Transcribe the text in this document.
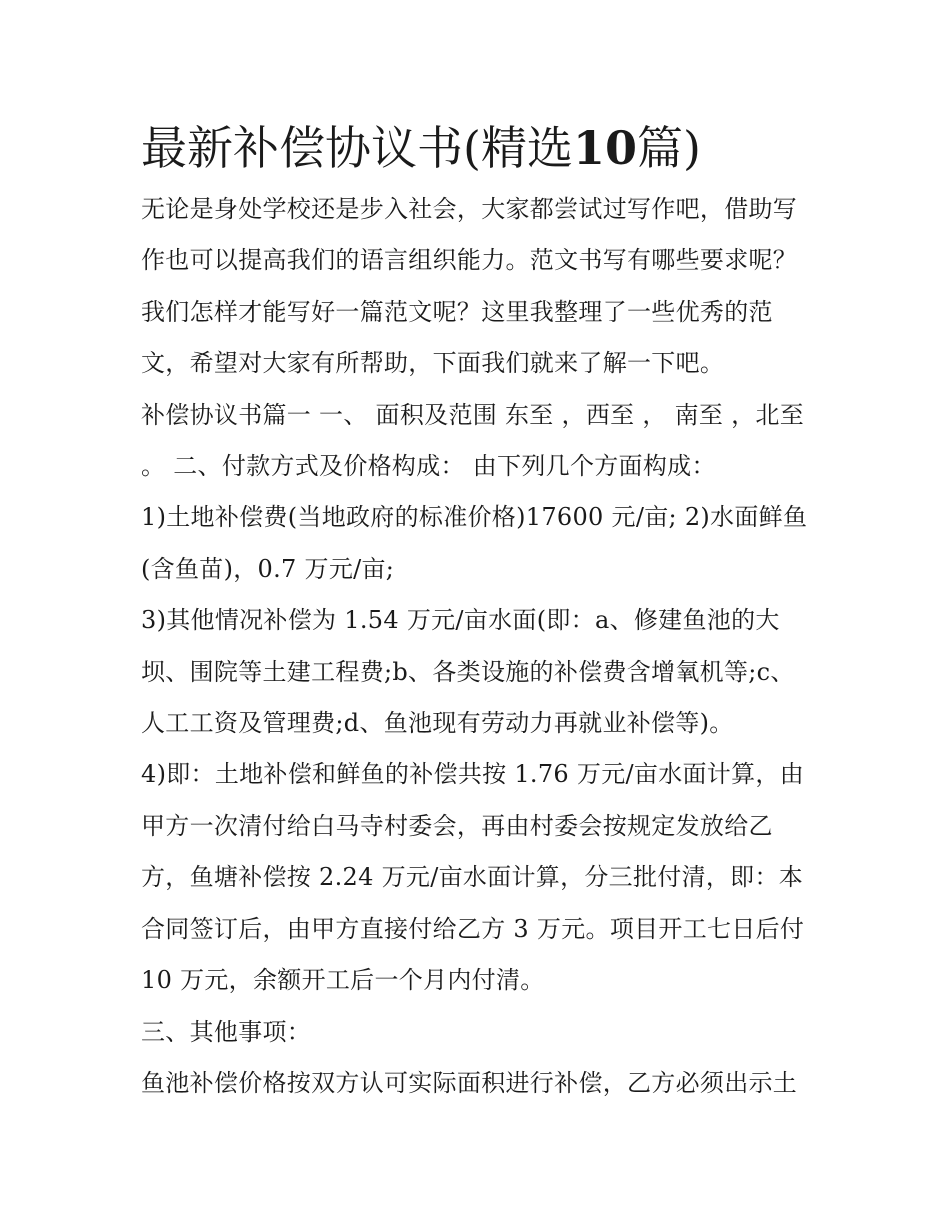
最新补偿协议书(精选10篇)
无论是身处学校还是步入社会，大家都尝试过写作吧，借助写
作也可以提高我们的语言组织能力。范文书写有哪些要求呢？
我们怎样才能写好一篇范文呢？这里我整理了一些优秀的范
文，希望对大家有所帮助，下面我们就来了解一下吧。
补偿协议书篇一 一、 面积及范围 东至 ，西至 ， 南至 ，北至
。 二、付款方式及价格构成： 由下列几个方面构成：
1)土地补偿费(当地政府的标准价格)17600 元/亩; 2)水面鲜鱼
(含鱼苗)，0.7 万元/亩;
3)其他情况补偿为 1.54 万元/亩水面(即：a、修建鱼池的大
坝、围院等土建工程费;b、各类设施的补偿费含增氧机等;c、
人工工资及管理费;d、鱼池现有劳动力再就业补偿等)。
4)即：土地补偿和鲜鱼的补偿共按 1.76 万元/亩水面计算，由
甲方一次清付给白马寺村委会，再由村委会按规定发放给乙
方，鱼塘补偿按 2.24 万元/亩水面计算，分三批付清，即：本
合同签订后，由甲方直接付给乙方 3 万元。项目开工七日后付
10 万元，余额开工后一个月内付清。
三、其他事项：
鱼池补偿价格按双方认可实际面积进行补偿，乙方必须出示土
